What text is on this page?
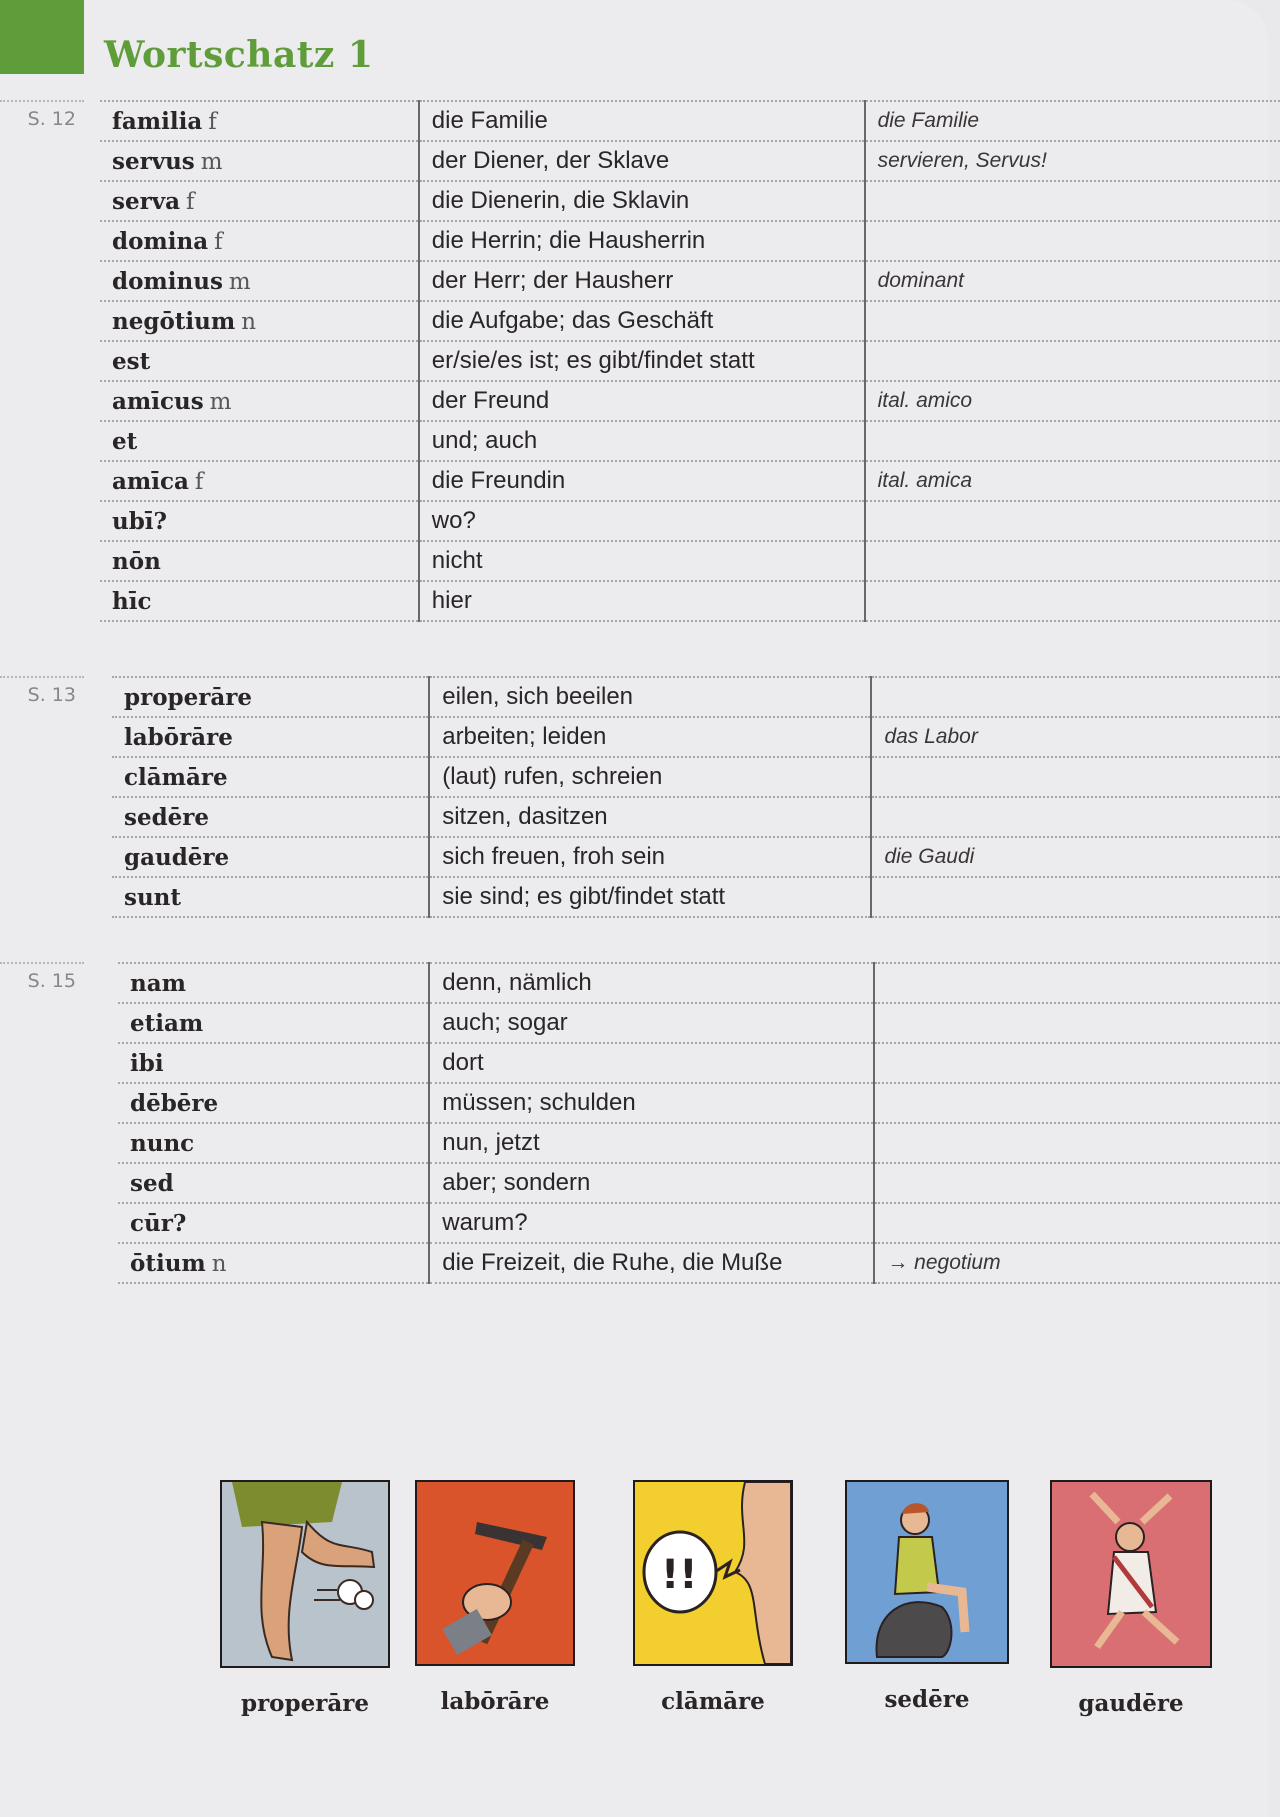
Wortschatz 1
S. 12	familia f	die Familie	die Familie
servus m	der Diener, der Sklave	servieren, Servus!
serva f	die Dienerin, die Sklavin	
domina f	die Herrin; die Hausherrin	
dominus m	der Herr; der Hausherr	dominant
negōtium n	die Aufgabe; das Geschäft	
est	er/sie/es ist; es gibt/findet statt	
amīcus m	der Freund	ital. amico
et	und; auch	
amīca f	die Freundin	ital. amica
ubī?	wo?	
nōn	nicht	
hīc	hier	
S. 13	properāre	eilen, sich beeilen	
labōrāre	arbeiten; leiden	das Labor
clāmāre	(laut) rufen, schreien	
sedēre	sitzen, dasitzen	
gaudēre	sich freuen, froh sein	die Gaudi
sunt	sie sind; es gibt/findet statt	
S. 15	nam	denn, nämlich	
etiam	auch; sogar	
ibi	dort	
dēbēre	müssen; schulden	
nunc	nun, jetzt	
sed	aber; sondern	
cūr?	warum?	
ōtium n	die Freizeit, die Ruhe, die Muße	→ negotium
properāre	labōrāre
!!
clāmāre	sedēre	gaudēre
